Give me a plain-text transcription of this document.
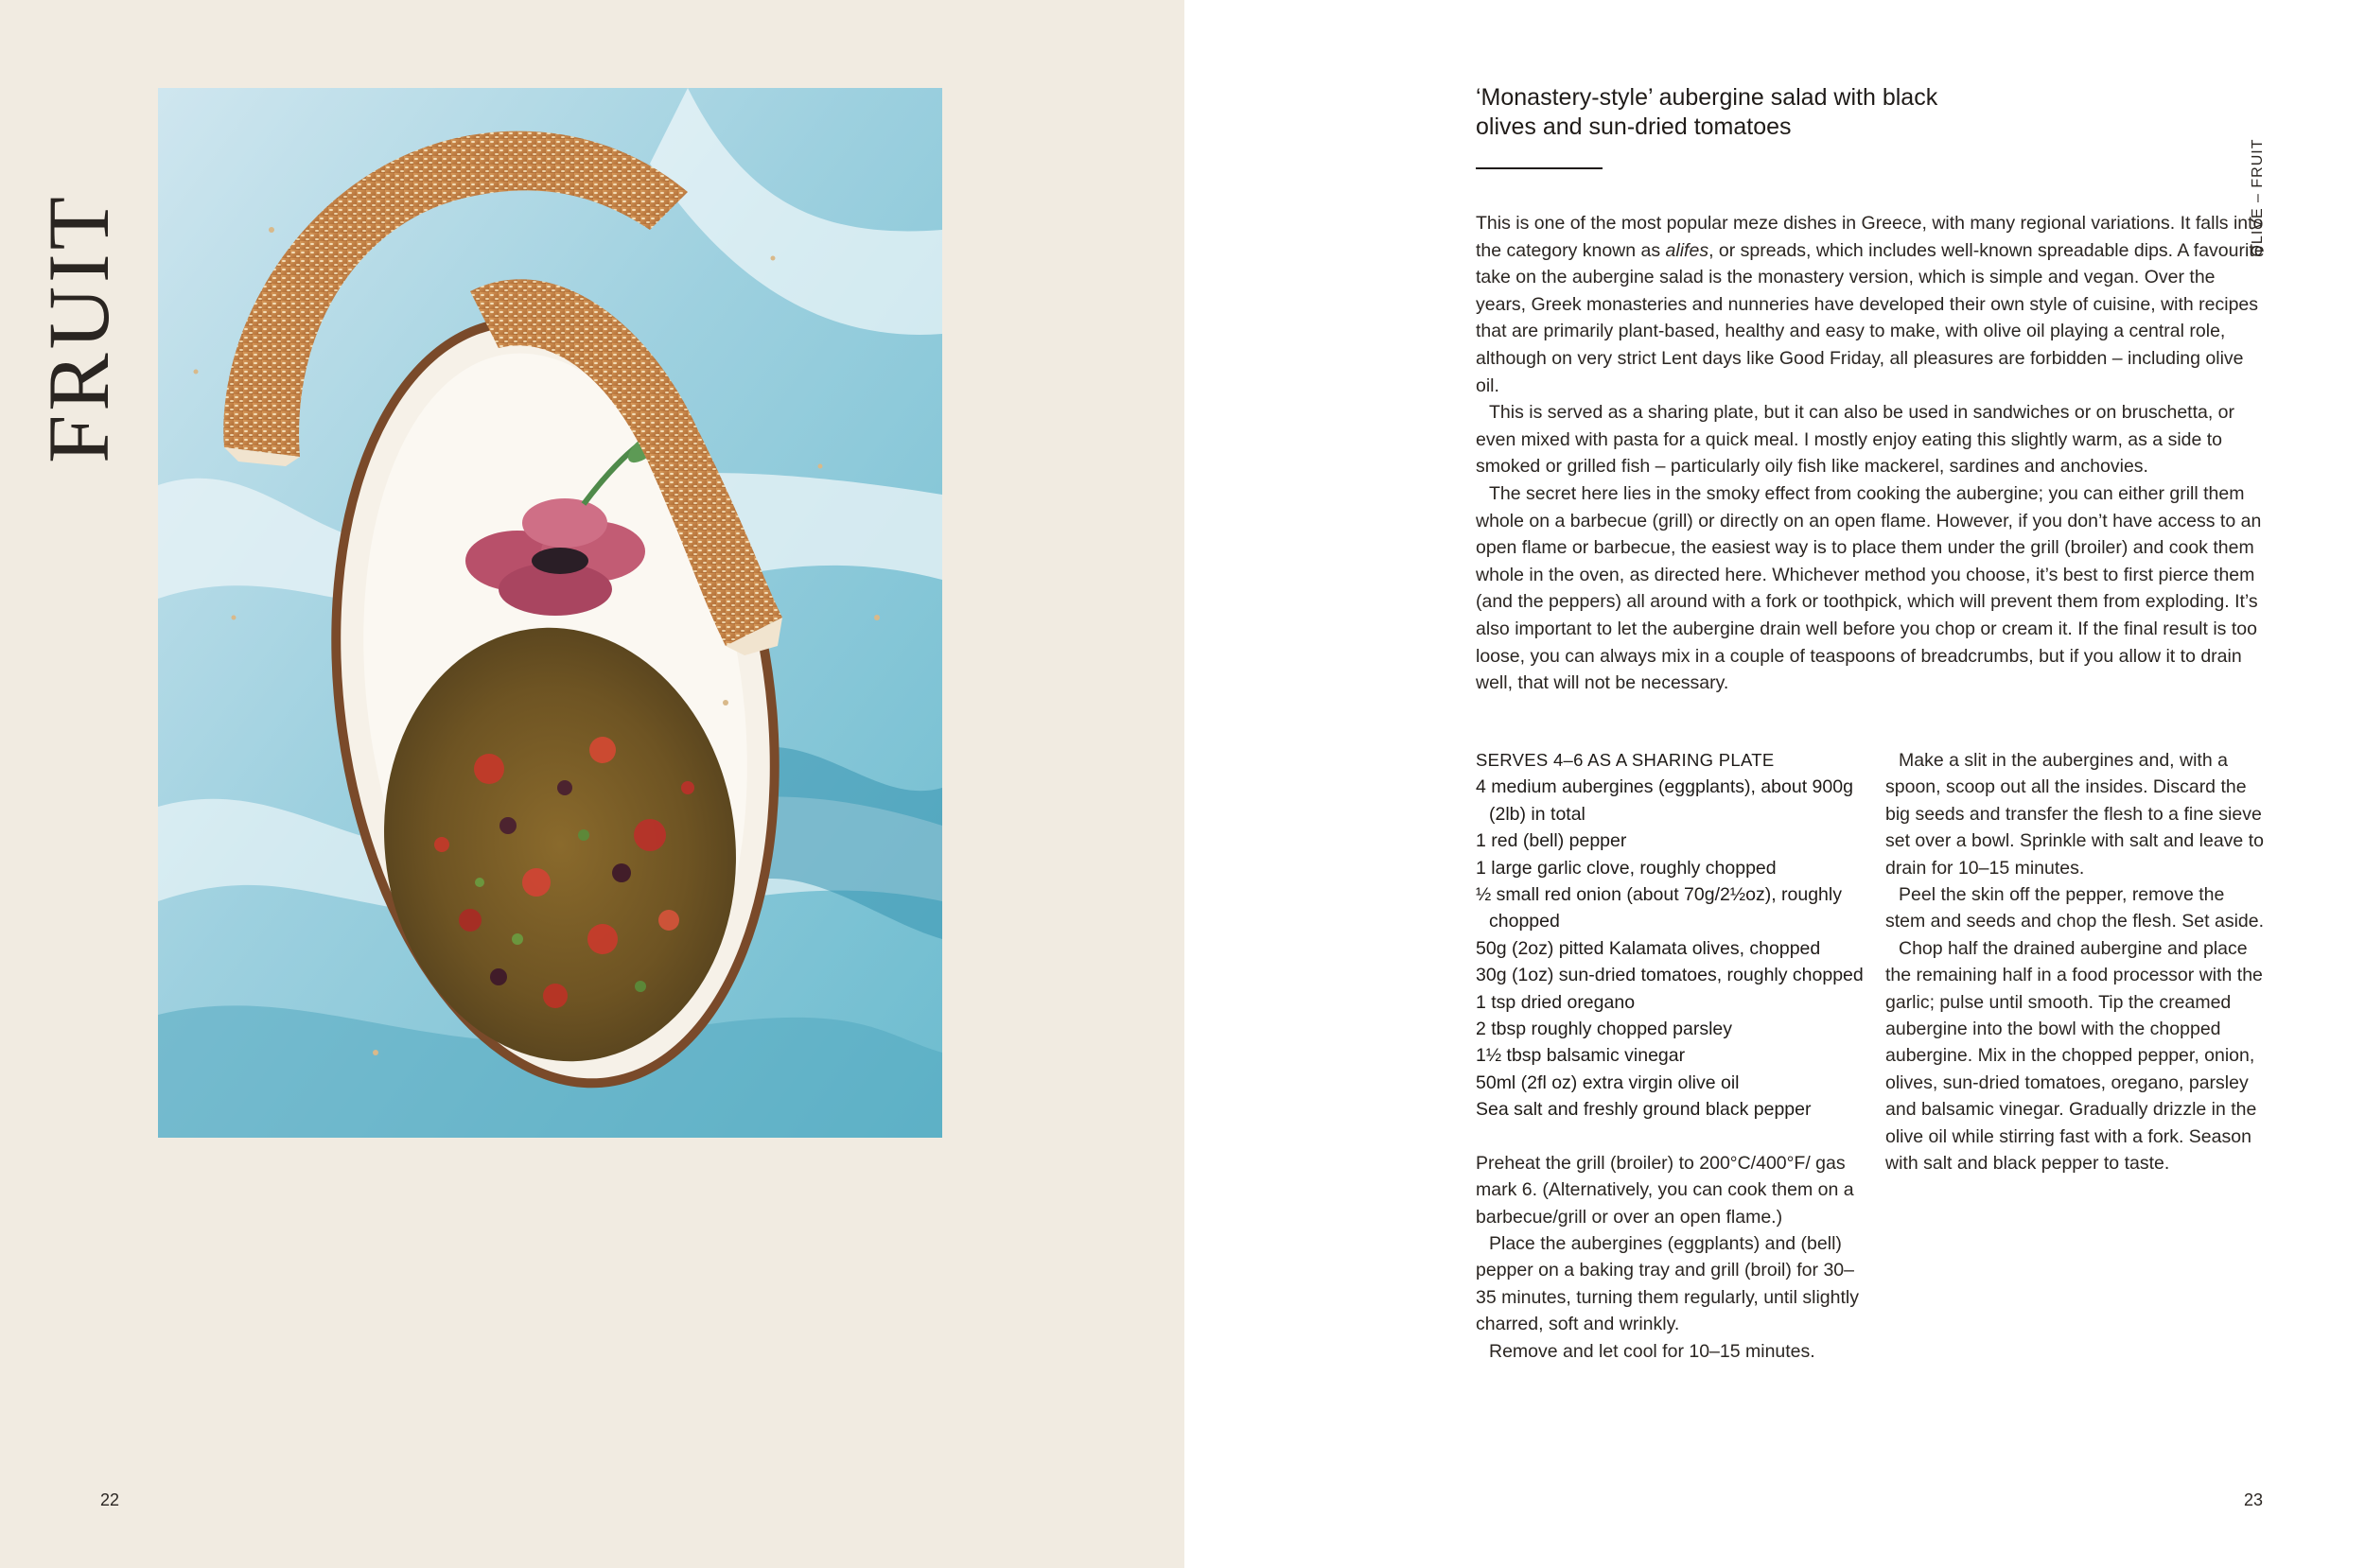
FRUIT
22
‘Monastery-style’ aubergine salad with black olives and sun-dried tomatoes
OLIVE – FRUIT

This is one of the most popular meze dishes in Greece, with many regional variations. It falls into the category known as alifes, or spreads, which includes well-known spreadable dips. A favourite take on the aubergine salad is the monastery version, which is simple and vegan. Over the years, Greek monasteries and nunneries have developed their own style of cuisine, with recipes that are primarily plant-based, healthy and easy to make, with olive oil playing a central role, although on very strict Lent days like Good Friday, all pleasures are forbidden – including olive oil.

This is served as a sharing plate, but it can also be used in sandwiches or on bruschetta, or even mixed with pasta for a quick meal. I mostly enjoy eating this slightly warm, as a side to smoked or grilled fish – particularly oily fish like mackerel, sardines and anchovies.

The secret here lies in the smoky effect from cooking the aubergine; you can either grill them whole on a barbecue (grill) or directly on an open flame. However, if you don’t have access to an open flame or barbecue, the easiest way is to place them under the grill (broiler) and cook them whole in the oven, as directed here. Whichever method you choose, it’s best to first pierce them (and the peppers) all around with a fork or toothpick, which will prevent them from exploding. It’s also important to let the aubergine drain well before you chop or cream it. If the final result is too loose, you can always mix in a couple of teaspoons of breadcrumbs, but if you allow it to drain well, that will not be necessary.

SERVES 4–6 AS A SHARING PLATE
4 medium aubergines (eggplants), about 900g (2lb) in total
1 red (bell) pepper
1 large garlic clove, roughly chopped
½ small red onion (about 70g/2½oz), roughly chopped
50g (2oz) pitted Kalamata olives, chopped
30g (1oz) sun-dried tomatoes, roughly chopped
1 tsp dried oregano
2 tbsp roughly chopped parsley
1½ tbsp balsamic vinegar
50ml (2fl oz) extra virgin olive oil
Sea salt and freshly ground black pepper

Preheat the grill (broiler) to 200°C/400°F/ gas mark 6. (Alternatively, you can cook them on a barbecue/grill or over an open flame.)

Place the aubergines (eggplants) and (bell) pepper on a baking tray and grill (broil) for 30–35 minutes, turning them regularly, until slightly charred, soft and wrinkly.

Remove and let cool for 10–15 minutes.

Make a slit in the aubergines and, with a spoon, scoop out all the insides. Discard the big seeds and transfer the flesh to a fine sieve set over a bowl. Sprinkle with salt and leave to drain for 10–15 minutes.

Peel the skin off the pepper, remove the stem and seeds and chop the flesh. Set aside.

Chop half the drained aubergine and place the remaining half in a food processor with the garlic; pulse until smooth. Tip the creamed aubergine into the bowl with the chopped aubergine. Mix in the chopped pepper, onion, olives, sun-dried tomatoes, oregano, parsley and balsamic vinegar. Gradually drizzle in the olive oil while stirring fast with a fork. Season with salt and black pepper to taste.

23
